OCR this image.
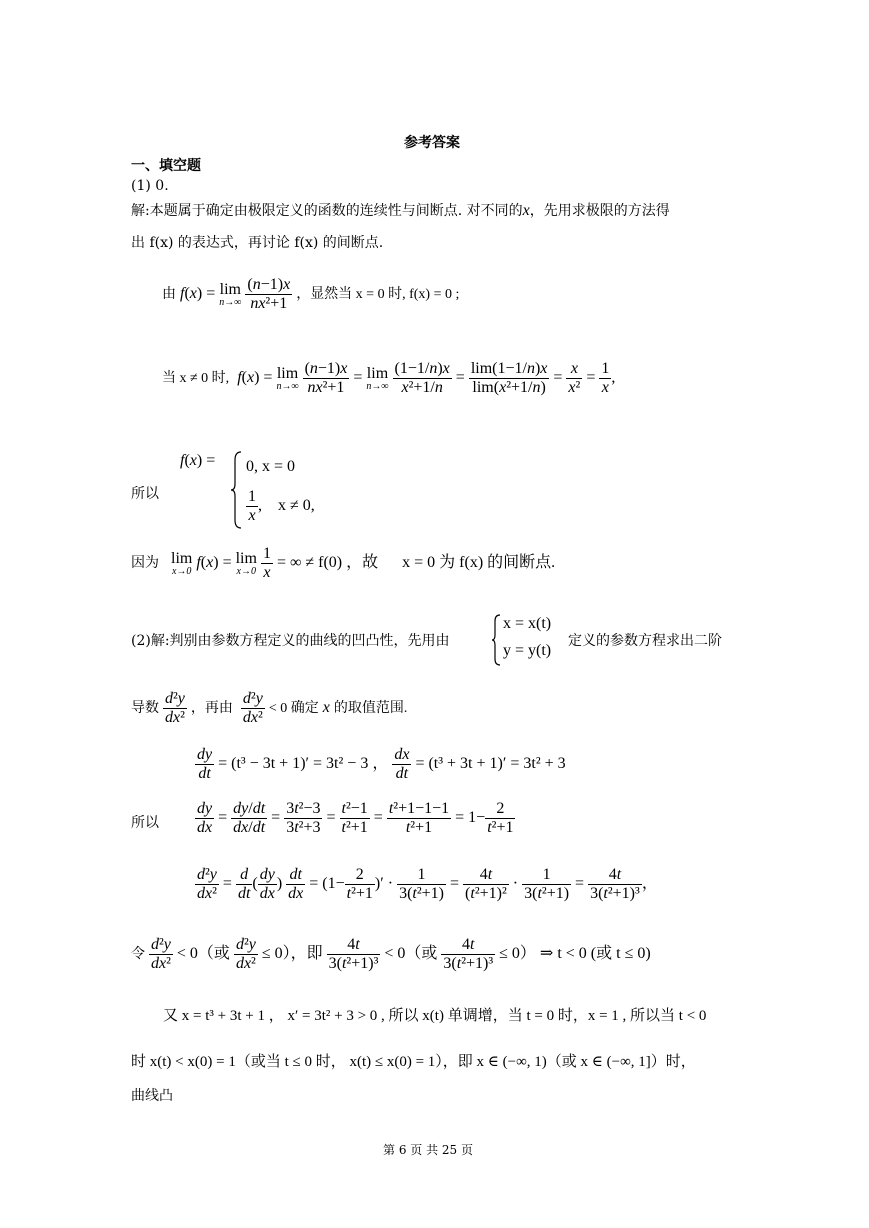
参考答案
一、填空题
(1) 0.
解:本题属于确定由极限定义的函数的连续性与间断点. 对不同的x，先用求极限的方法得
出 f(x) 的表达式，再讨论 f(x) 的间断点.
由 f(x) = lim
n→∞
$\frac{(n-1)x}{\text{nx²+1}}$ ，显然当 x = 0 时, f(x) = 0 ;
当 x ≠ 0 时, f(x) = lim
n→∞
$\frac{(n-1)x}{\text{nx²+1}} = \lim$
n→∞
$\frac{(1-1/n)x}{\text{x²+1/n}} = \frac{\lim(1-1/n)x}{\text{lim(x²+1/n)}} = \frac{x}{\text{x²}} = \frac{1}{x}$ ,
所以
f(x) = 0, x = 0
$\frac{1}{x}$ ,    x ≠ 0,
因为 lim
x→0 f(x) = lim
x→0
$\frac{1}{x}$ = ∞ ≠ f(0) ，故 x = 0 为 f(x) 的间断点.
(2)解:判别由参数方程定义的曲线的凹凸性，先用由
x = x(t)
y = y(t)
定义的参数方程求出二阶
导数 $\frac{\text{d²y}}{\text{dx²}}$ ，再由 $\frac{\text{d²y}}{\text{dx²}} < 0$ 确定 x 的取值范围.
$\frac{dy}{dt} = (t^3 - 3t + 1)' = 3t^2 - 3$ ， $\frac{dx}{dt} = (t^3 + 3t + 1)' = 3t^2 + 3$
所以 $\frac{dy}{dx} = \frac{dy/dt}{dx/dt} = \frac{\text{3t²−3}}{\text{3t²+3}} = \frac{\text{t²−1}}{\text{t²+1}} = \frac{\text{t²+1−1−1}}{\text{t²+1}} = 1- \frac{2}{\text{t²+1}}$
$\frac{\text{d²y}}{\text{dx²}} = \frac{d}{dt}$ ( $\frac{dy}{dx}$ ) $\frac{dt}{dx} = (1- \frac{2}{\text{t²+1}}$ )′ · $\frac{1}{\text{3(t²+1)}} = \frac{4t}{\text{(t²+1)²}} \cdot \frac{1}{\text{3(t²+1)}} = \frac{4t}{\text{3(t²+1)³}}$ ，
令 $\frac{\text{d²y}}{\text{dx²}} < 0$（或 $\frac{\text{d²y}}{\text{dx²}} \le 0$），即 $\frac{4t}{\text{3(t²+1)³}} < 0$（或 $\frac{4t}{\text{3(t²+1)³}} \le 0$） ⇒ t < 0 (或 t ≤ 0)
又 x = t³ + 3t + 1 ， x′ = 3t² + 3 > 0 , 所以 x(t) 单调增，当 t = 0 时，x = 1 , 所以当 t < 0
时 x(t) < x(0) = 1（或当 t ≤ 0 时， x(t) ≤ x(0) = 1），即 x ∈ (−∞, 1)（或 x ∈ (−∞, 1]）时，
曲线凸
第 6 页 共 25 页
